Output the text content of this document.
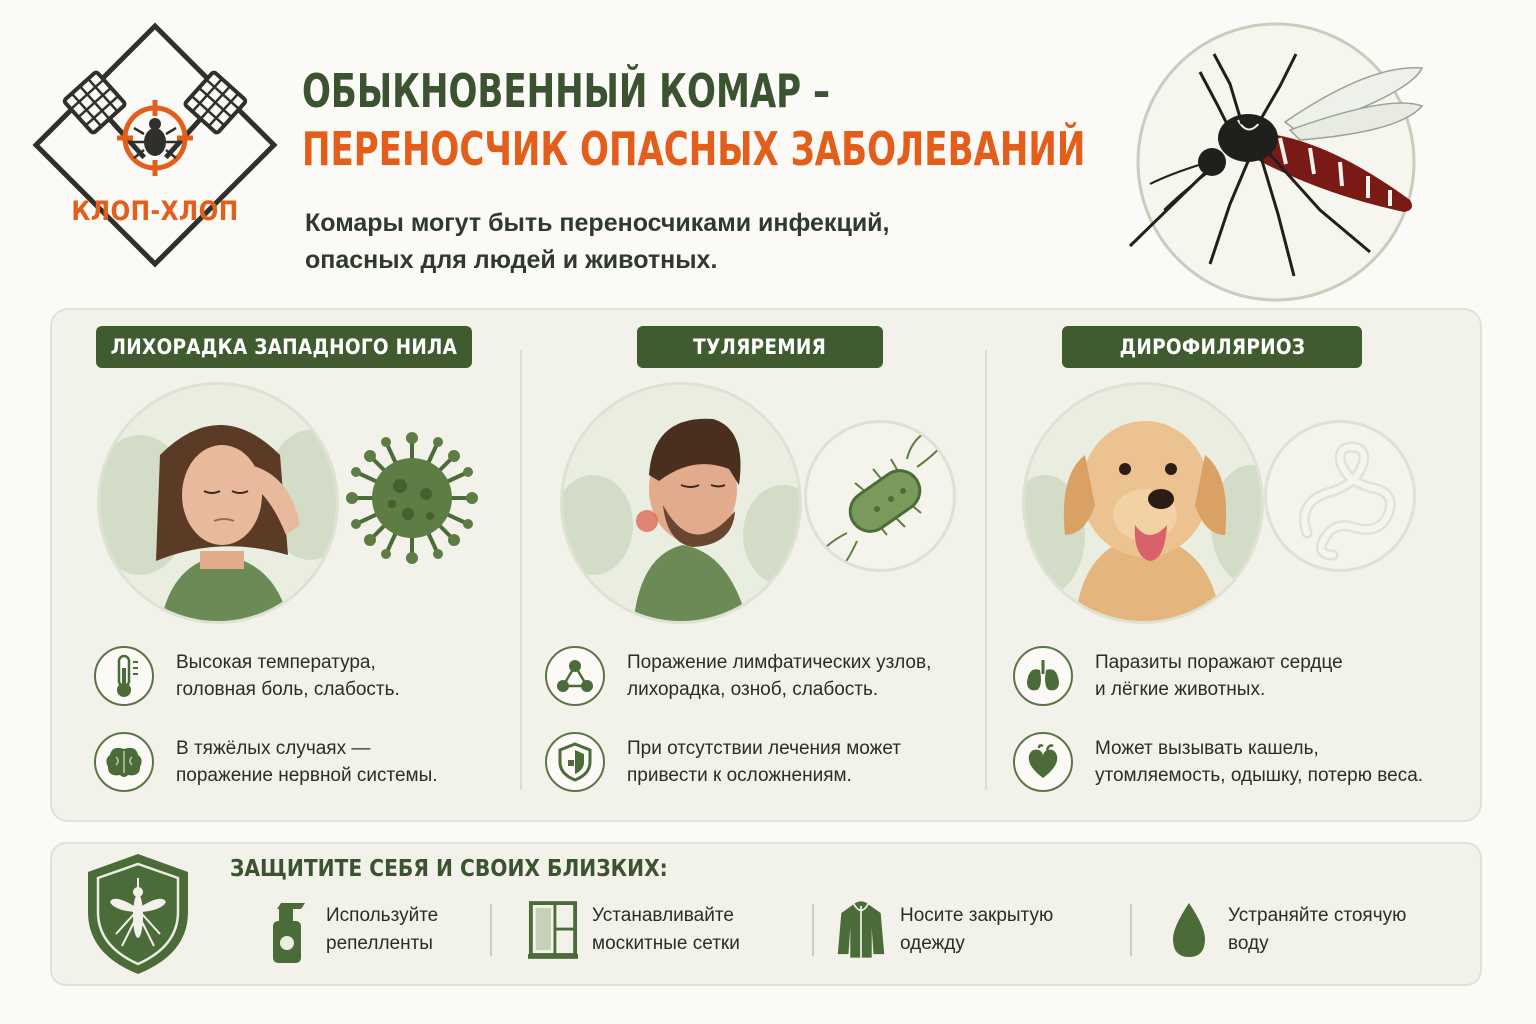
КЛОП-ХЛОП
ОБЫКНОВЕННЫЙ КОМАР –
ПЕРЕНОСЧИК ОПАСНЫХ ЗАБОЛЕВАНИЙ
Комары могут быть переносчиками инфекций,
опасных для людей и животных.
ЛИХОРАДКА ЗАПАДНОГО НИЛА	ТУЛЯРЕМИЯ	ДИРОФИЛЯРИОЗ
Высокая температура,
головная боль, слабость.
В тяжёлых случаях —
поражение нервной системы.
Поражение лимфатических узлов,
лихорадка, озноб, слабость.
При отсутствии лечения может
привести к осложнениям.
Паразиты поражают сердце
и лёгкие животных.
Может вызывать кашель,
утомляемость, одышку, потерю веса.
ЗАЩИТИТЕ СЕБЯ И СВОИХ БЛИЗКИХ:
Используйте
репелленты
Устанавливайте
москитные сетки
Носите закрытую
одежду
Устраняйте стоячую
воду
